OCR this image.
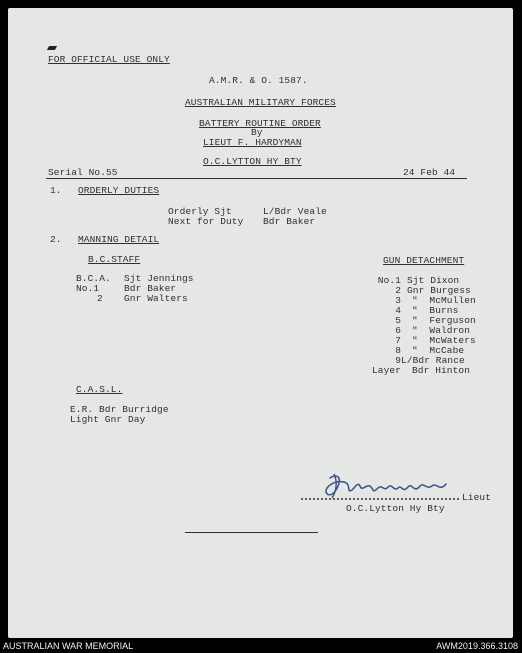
FOR OFFICIAL USE ONLY
A.M.R. & O. 1587.
AUSTRALIAN MILITARY FORCES
BATTERY ROUTINE ORDER
By
LIEUT F. HARDYMAN
O.C.LYTTON HY BTY
Serial No.55	24 Feb 44
1. ORDERLY DUTIES
Orderly Sjt	L/Bdr Veale
Next for Duty Bdr Baker
2. MANNING DETAIL
B.C.STAFF
B.C.A. Sjt Jennings
No.1	Bdr Baker
2 Gnr Walters
GUN DETACHMENT
No.1 Sjt Dixon
2 Gnr Burgess
3 "  McMullen
4 "  Burns
5 "  Ferguson
6 "  Waldron
7 "  McWaters
8 "  McCabe
9 L/Bdr Rance
Layer Bdr Hinton
C.A.S.L.
E.R. Bdr Burridge
Light Gnr Day
Lieut
O.C.Lytton Hy Bty
AUSTRALIAN WAR MEMORIAL	AWM2019.366.3108
